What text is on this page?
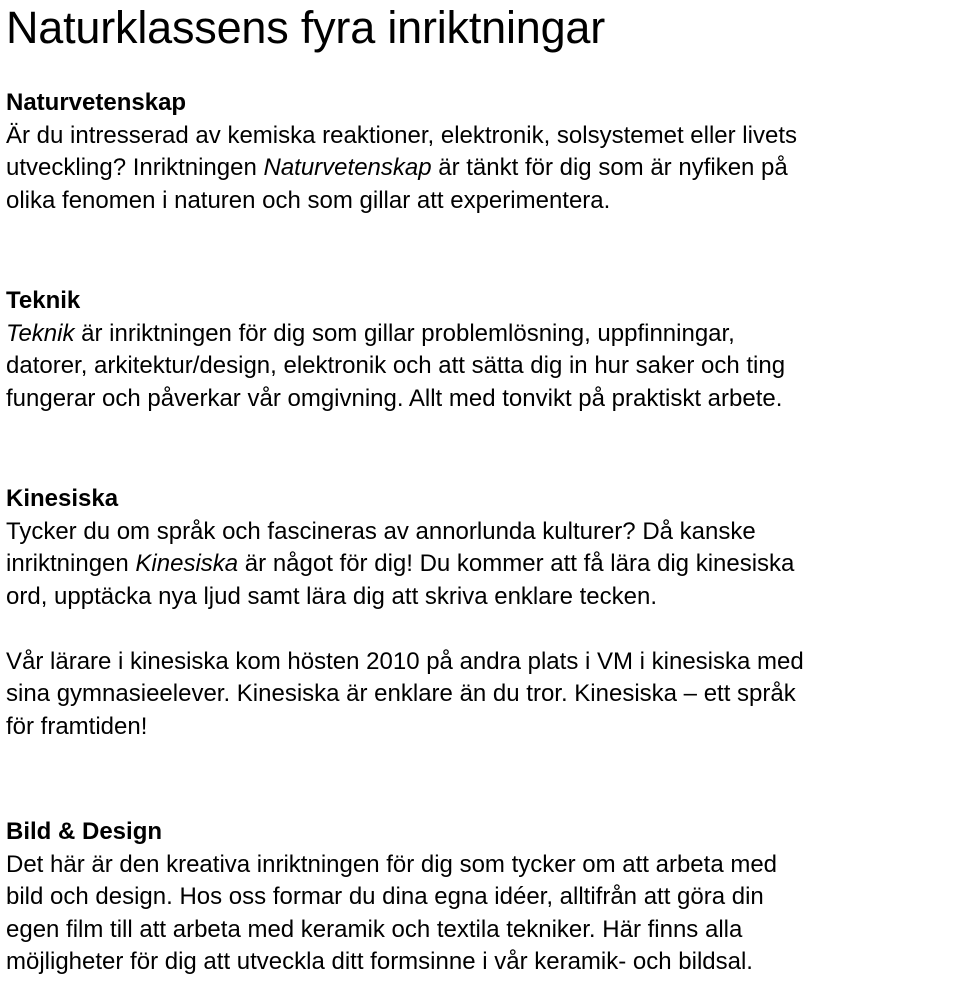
Naturklassens fyra inriktningar
Naturvetenskap
Är du intresserad av kemiska reaktioner, elektronik, solsystemet eller livets
utveckling? Inriktningen Naturvetenskap är tänkt för dig som är nyfiken på
olika fenomen i naturen och som gillar att experimentera.
Teknik
Teknik är inriktningen för dig som gillar problemlösning, uppfinningar,
datorer, arkitektur/design, elektronik och att sätta dig in hur saker och ting
fungerar och påverkar vår omgivning. Allt med tonvikt på praktiskt arbete.
Kinesiska
Tycker du om språk och fascineras av annorlunda kulturer? Då kanske
inriktningen Kinesiska är något för dig! Du kommer att få lära dig kinesiska
ord, upptäcka nya ljud samt lära dig att skriva enklare tecken.
Vår lärare i kinesiska kom hösten 2010 på andra plats i VM i kinesiska med
sina gymnasieelever. Kinesiska är enklare än du tror. Kinesiska – ett språk
för framtiden!
Bild & Design
Det här är den kreativa inriktningen för dig som tycker om att arbeta med
bild och design. Hos oss formar du dina egna idéer, alltifrån att göra din
egen film till att arbeta med keramik och textila tekniker. Här finns alla
möjligheter för dig att utveckla ditt formsinne i vår keramik- och bildsal.
